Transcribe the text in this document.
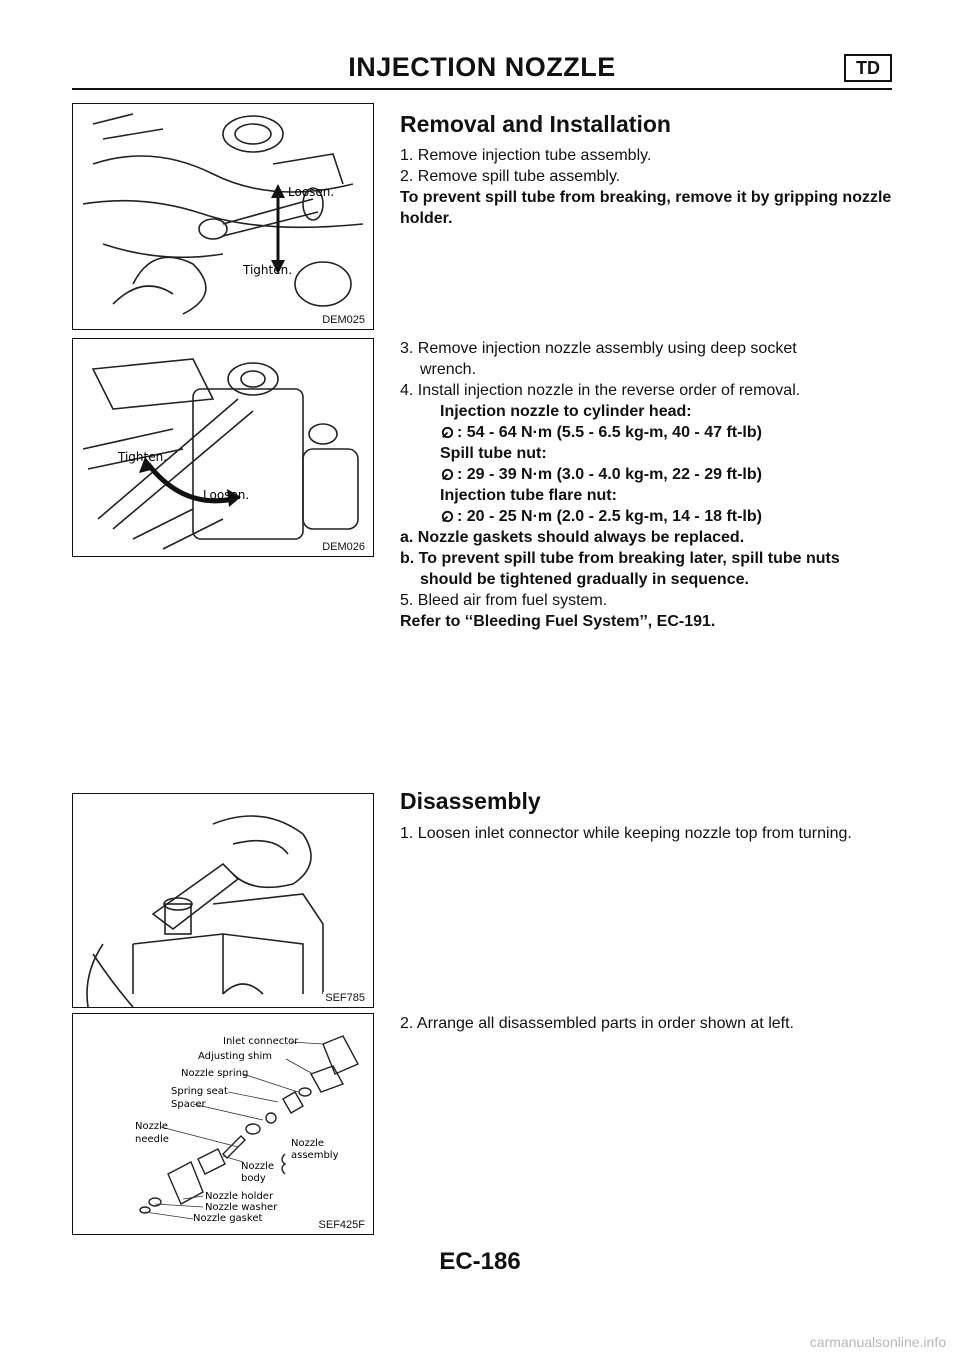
INJECTION NOZZLE	TD
Loosen.
Tighten.
DEM025
Removal and Installation

1. Remove injection tube assembly.

2. Remove spill tube assembly.

To prevent spill tube from breaking, remove it by gripping nozzle holder.

Tighten.
Loosen.
DEM026

3. Remove injection nozzle assembly using deep socket

wrench.

4. Install injection nozzle in the reverse order of removal.

Injection nozzle to cylinder head:

: 54 - 64 N·m (5.5 - 6.5 kg-m, 40 - 47 ft-lb)

Spill tube nut:

: 29 - 39 N·m (3.0 - 4.0 kg-m, 22 - 29 ft-lb)

Injection tube flare nut:

: 20 - 25 N·m (2.0 - 2.5 kg-m, 14 - 18 ft-lb)

a. Nozzle gaskets should always be replaced.

b. To prevent spill tube from breaking later, spill tube nuts

should be tightened gradually in sequence.

5. Bleed air from fuel system.

Refer to ‘‘Bleeding Fuel System’’, EC-191.

SEF785
Disassembly

1. Loosen inlet connector while keeping nozzle top from turning.

Inlet connector
Adjusting shim
Nozzle spring
Spring seat
Spacer
Nozzle
needle
Nozzle
body
Nozzle holder
Nozzle washer
Nozzle gasket
Nozzle
assembly
SEF425F

2. Arrange all disassembled parts in order shown at left.

EC-186
carmanualsonline.info
